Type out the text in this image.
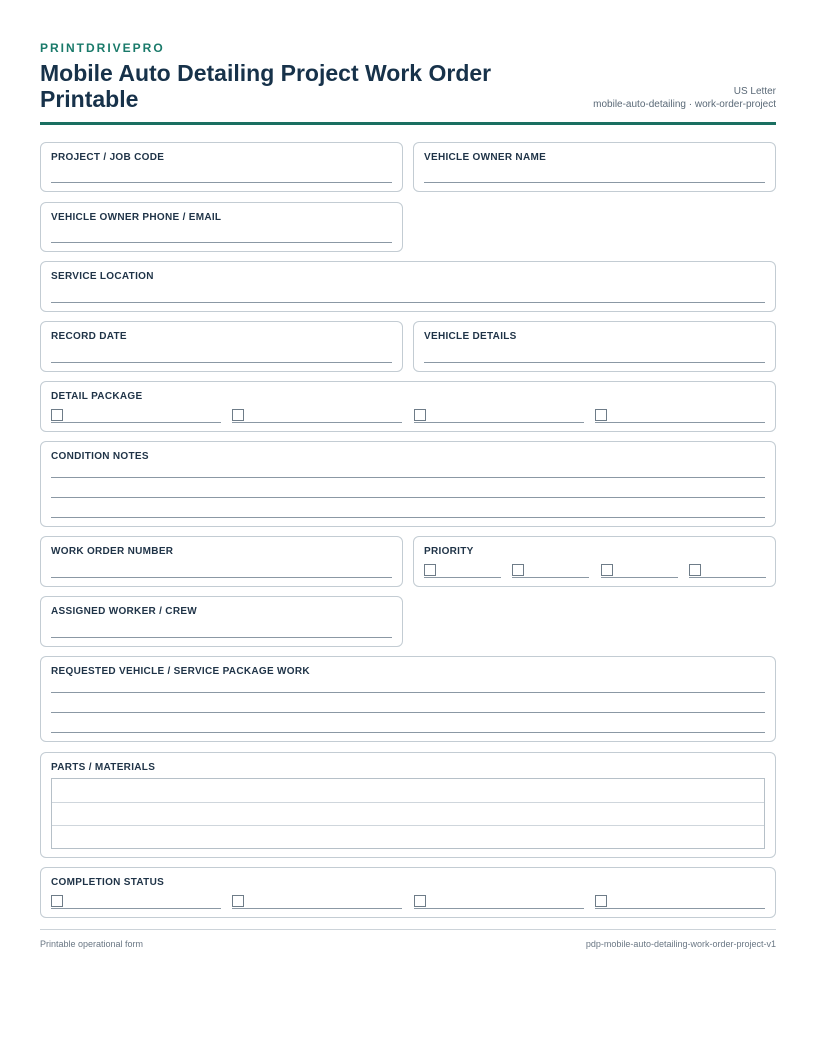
PRINTDRIVEPRO
Mobile Auto Detailing Project Work Order Printable	US Letter
mobile-auto-detailing · work-order-project
PROJECT / JOB CODE	VEHICLE OWNER NAME
VEHICLE OWNER PHONE / EMAIL
SERVICE LOCATION
RECORD DATE	VEHICLE DETAILS
DETAIL PACKAGE
CONDITION NOTES
WORK ORDER NUMBER	PRIORITY
ASSIGNED WORKER / CREW
REQUESTED VEHICLE / SERVICE PACKAGE WORK
PARTS / MATERIALS
COMPLETION STATUS
Printable operational form	pdp-mobile-auto-detailing-work-order-project-v1
